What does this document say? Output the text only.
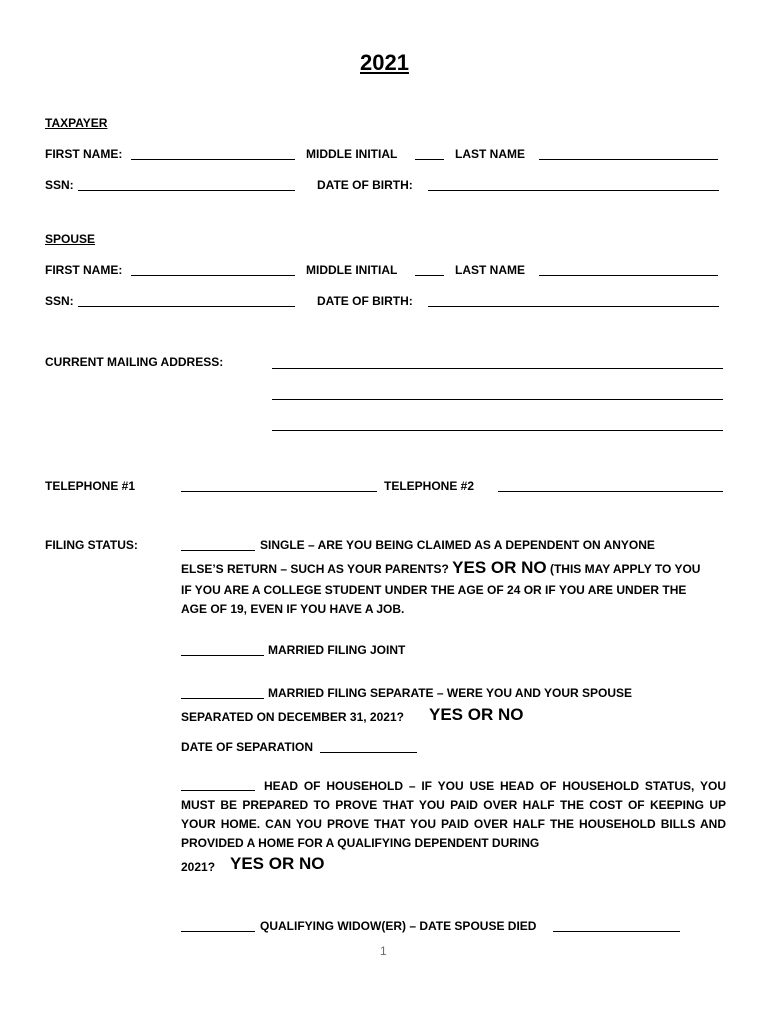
2021
TAXPAYER
FIRST NAME:	MIDDLE INITIAL	LAST NAME
SSN:	DATE OF BIRTH:
SPOUSE
FIRST NAME:	MIDDLE INITIAL	LAST NAME
SSN:	DATE OF BIRTH:
CURRENT MAILING ADDRESS:
TELEPHONE #1	TELEPHONE #2
FILING STATUS:	SINGLE – ARE YOU BEING CLAIMED AS A DEPENDENT ON ANYONE
ELSE’S RETURN – SUCH AS YOUR PARENTS? YES OR NO (THIS MAY APPLY TO YOU
IF YOU ARE A COLLEGE STUDENT UNDER THE AGE OF 24 OR IF YOU ARE UNDER THE
AGE OF 19, EVEN IF YOU HAVE A JOB.
MARRIED FILING JOINT
MARRIED FILING SEPARATE – WERE YOU AND YOUR SPOUSE
SEPARATED ON DECEMBER 31, 2021? YES OR NO
DATE OF SEPARATION
HEAD OF HOUSEHOLD – IF YOU USE HEAD OF HOUSEHOLD STATUS, YOU MUST BE PREPARED TO PROVE THAT YOU PAID OVER HALF THE COST OF KEEPING UP YOUR HOME. CAN YOU PROVE THAT YOU PAID OVER HALF THE HOUSEHOLD BILLS AND PROVIDED A HOME FOR A QUALIFYING DEPENDENT DURING
2021? YES OR NO
QUALIFYING WIDOW(ER) – DATE SPOUSE DIED
1
